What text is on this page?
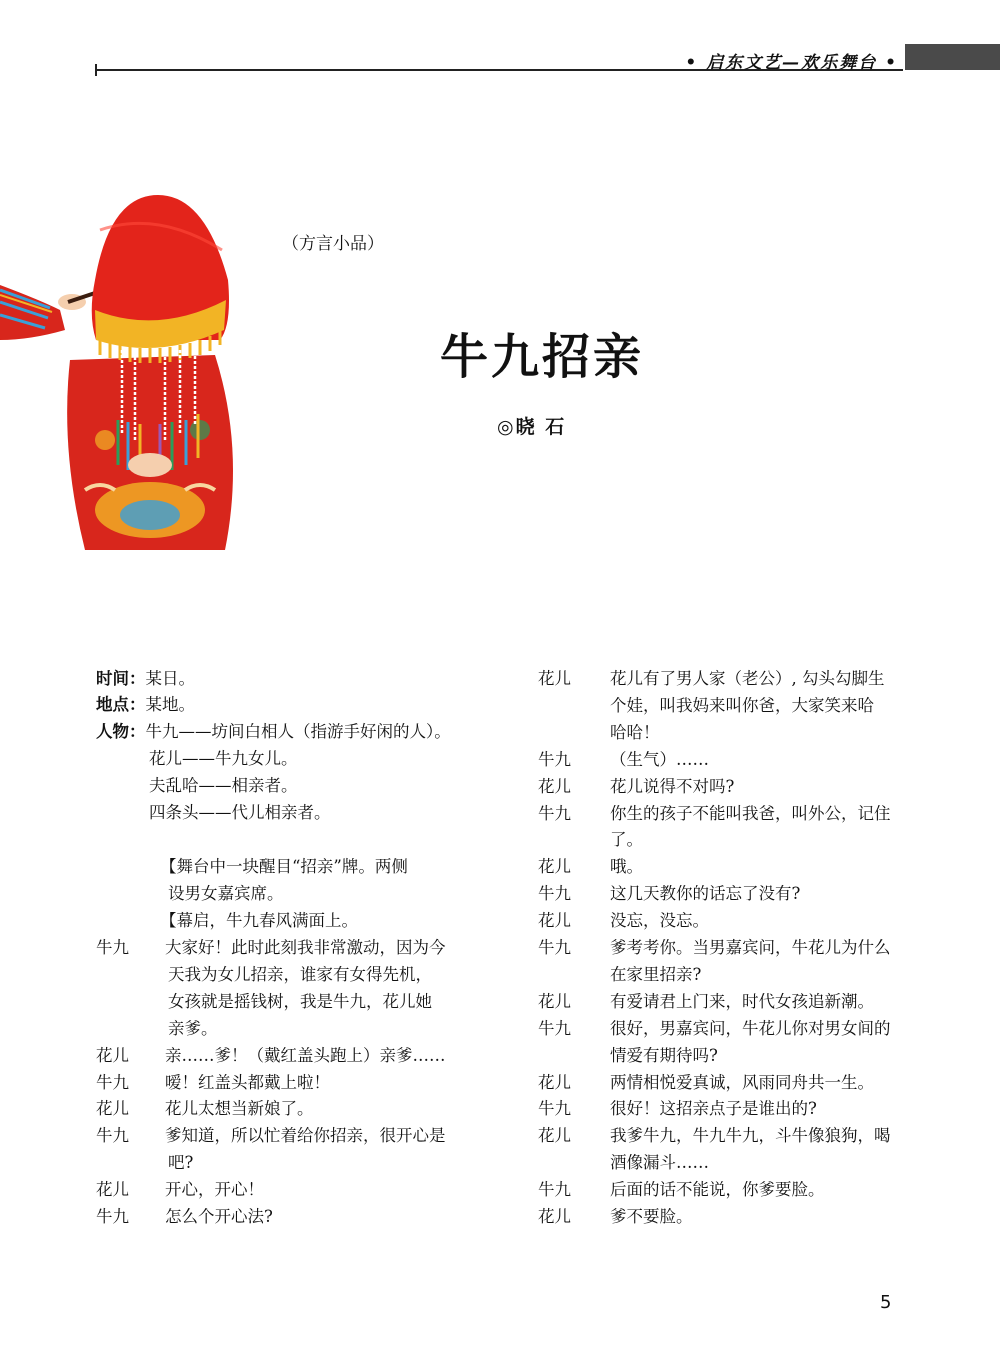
• 启东文艺—欢乐舞台 •
（方言小品）
牛九招亲
◎晓 石
时间：某日。
地点：某地。
人物：牛九——坊间白相人（指游手好闲的人）。
花儿——牛九女儿。
夫乱哈——相亲者。
四条头——代儿相亲者。
【舞台中一块醒目“招亲”牌。两侧
设男女嘉宾席。
【幕启，牛九春风满面上。
牛九 大家好！此时此刻我非常激动，因为今
天我为女儿招亲，谁家有女得先机，
女孩就是摇钱树，我是牛九，花儿她
亲爹。
花儿 亲……爹！（戴红盖头跑上）亲爹……
牛九 嗳！红盖头都戴上啦！
花儿 花儿太想当新娘了。
牛九 爹知道，所以忙着给你招亲，很开心是
吧?
花儿 开心，开心！
牛九 怎么个开心法?
花儿 花儿有了男人家（老公）, 勾头勾脚生
个娃，叫我妈来叫你爸，大家笑来哈
哈哈！
牛九 （生气）……
花儿 花儿说得不对吗?
牛九 你生的孩子不能叫我爸，叫外公，记住
了。
花儿 哦。
牛九 这几天教你的话忘了没有?
花儿 没忘，没忘。
牛九 爹考考你。当男嘉宾问，牛花儿为什么
在家里招亲?
花儿 有爱请君上门来，时代女孩追新潮。
牛九 很好，男嘉宾问，牛花儿你对男女间的
情爱有期待吗?
花儿 两情相悦爱真诚，风雨同舟共一生。
牛九 很好！这招亲点子是谁出的?
花儿 我爹牛九，牛九牛九，斗牛像狼狗，喝
酒像漏斗……
牛九 后面的话不能说，你爹要脸。
花儿 爹不要脸。
5
